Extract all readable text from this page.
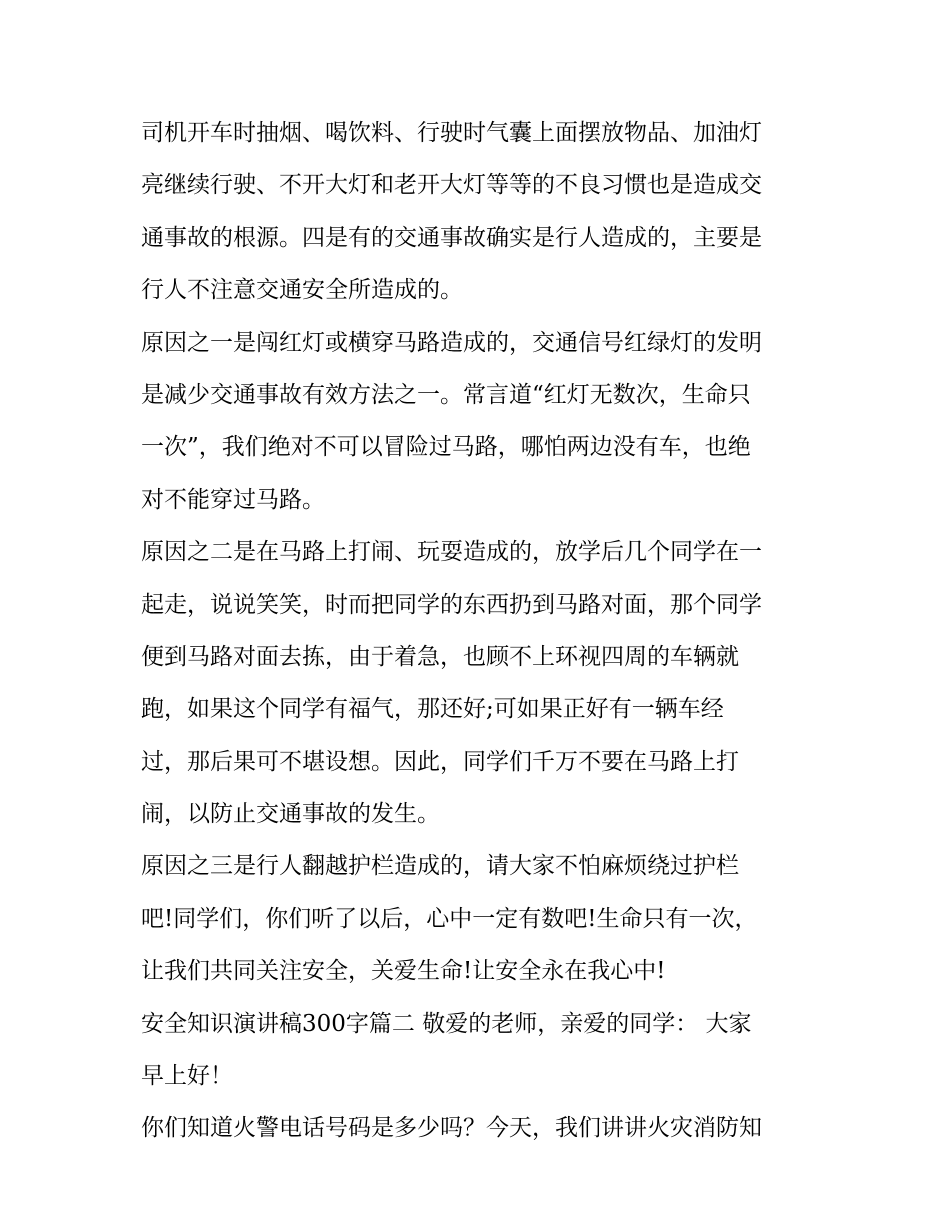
司机开车时抽烟、喝饮料、行驶时气囊上面摆放物品、加油灯
亮继续行驶、不开大灯和老开大灯等等的不良习惯也是造成交
通事故的根源。四是有的交通事故确实是行人造成的，主要是
行人不注意交通安全所造成的。
原因之一是闯红灯或横穿马路造成的，交通信号红绿灯的发明
是减少交通事故有效方法之一。常言道“红灯无数次，生命只
一次”，我们绝对不可以冒险过马路，哪怕两边没有车，也绝
对不能穿过马路。
原因之二是在马路上打闹、玩耍造成的，放学后几个同学在一
起走，说说笑笑，时而把同学的东西扔到马路对面，那个同学
便到马路对面去拣，由于着急，也顾不上环视四周的车辆就
跑，如果这个同学有福气，那还好;可如果正好有一辆车经
过，那后果可不堪设想。因此，同学们千万不要在马路上打
闹，以防止交通事故的发生。
原因之三是行人翻越护栏造成的，请大家不怕麻烦绕过护栏
吧!同学们，你们听了以后，心中一定有数吧!生命只有一次，
让我们共同关注安全，关爱生命!让安全永在我心中!
安全知识演讲稿300字篇二 敬爱的老师，亲爱的同学： 大家
早上好！
你们知道火警电话号码是多少吗？今天，我们讲讲火灾消防知
